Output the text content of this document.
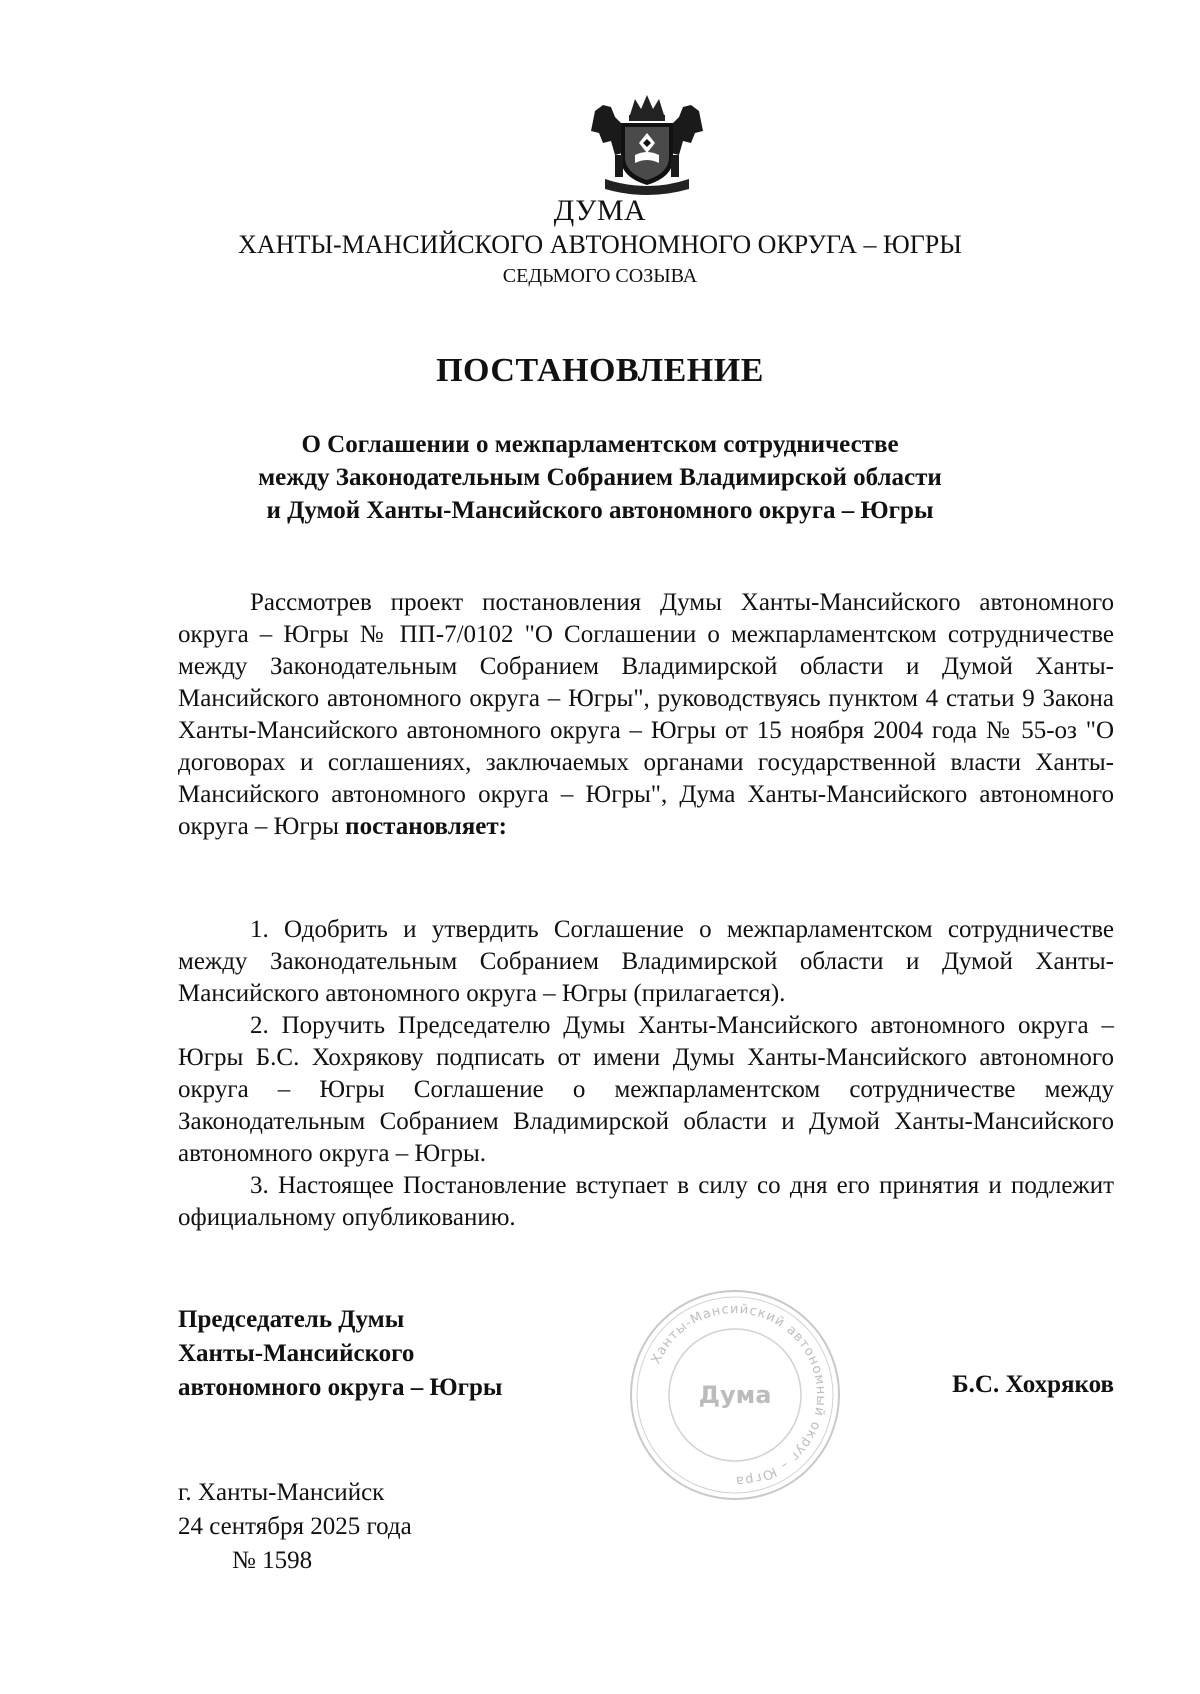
ДУМА
ХАНТЫ-МАНСИЙСКОГО АВТОНОМНОГО ОКРУГА – ЮГРЫ
СЕДЬМОГО СОЗЫВА
ПОСТАНОВЛЕНИЕ
О Соглашении о межпарламентском сотрудничестве
между Законодательным Собранием Владимирской области
и Думой Ханты-Мансийского автономного округа – Югры

Рассмотрев проект постановления Думы Ханты-Мансийского автономного округа – Югры № ПП-7/0102 "О Соглашении о межпарламентском сотрудничестве между Законодательным Собранием Владимирской области и Думой Ханты-Мансийского автономного округа – Югры", руководствуясь пунктом 4 статьи 9 Закона Ханты-Мансийского автономного округа – Югры от 15 ноября 2004 года № 55-оз "О договорах и соглашениях, заключаемых органами государственной власти Ханты-Мансийского автономного округа – Югры", Дума Ханты-Мансийского автономного округа – Югры постановляет:

1. Одобрить и утвердить Соглашение о межпарламентском сотрудничестве между Законодательным Собранием Владимирской области и Думой Ханты-Мансийского автономного округа – Югры (прилагается).

2. Поручить Председателю Думы Ханты-Мансийского автономного округа – Югры Б.С. Хохрякову подписать от имени Думы Ханты-Мансийского автономного округа – Югры Соглашение о межпарламентском сотрудничестве между Законодательным Собранием Владимирской области и Думой Ханты-Мансийского автономного округа – Югры.

3. Настоящее Постановление вступает в силу со дня его принятия и подлежит официальному опубликованию.

Председатель Думы
Ханты-Мансийского
автономного округа – Югры
Ханты-Мансийский автономный округ – Югра
Дума	Б.С. Хохряков
г. Ханты-Мансийск
24 сентября 2025 года
№ 1598
